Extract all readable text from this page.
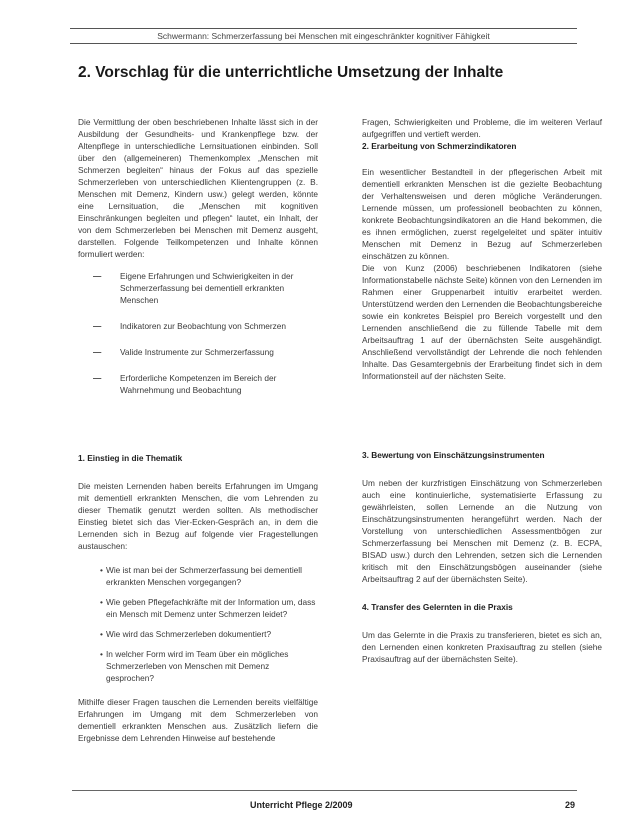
Schwermann: Schmerzerfassung bei Menschen mit eingeschränkter kognitiver Fähigkeit
2. Vorschlag für die unterrichtliche Umsetzung der Inhalte

Die Vermittlung der oben beschriebenen Inhalte lässt sich in der Ausbildung der Gesundheits- und Krankenpflege bzw. der Altenpflege in unterschiedliche Lernsituationen einbinden. Soll über den (allgemeineren) Themenkomplex „Menschen mit Schmerzen begleiten“ hinaus der Fokus auf das spezielle Schmerzerleben von unterschiedlichen Klientengruppen (z. B. Menschen mit Demenz, Kindern usw.) gelegt werden, könnte eine Lernsituation, die „Menschen mit kognitiven Einschränkungen begleiten und pflegen“ lautet, ein Inhalt, der von dem Schmerzerleben bei Menschen mit Demenz ausgeht, darstellen. Folgende Teilkompetenzen und Inhalte können formuliert werden:

— Eigene Erfahrungen und Schwierigkeiten in der Schmerzerfassung bei dementiell erkrankten Menschen
— Indikatoren zur Beobachtung von Schmerzen
— Valide Instrumente zur Schmerzerfassung
— Erforderliche Kompetenzen im Bereich der Wahrnehmung und Beobachtung

Fragen, Schwierigkeiten und Probleme, die im weiteren Verlauf aufgegriffen und vertieft werden.

2. Erarbeitung von Schmerzindikatoren

Ein wesentlicher Bestandteil in der pflegerischen Arbeit mit dementiell erkrankten Menschen ist die gezielte Beobachtung der Verhaltensweisen und deren mögliche Veränderungen. Lernende müssen, um professionell beobachten zu können, konkrete Beobachtungsindikatoren an die Hand bekommen, die es ihnen ermöglichen, zuerst regelgeleitet und später intuitiv Menschen mit Demenz in Bezug auf Schmerzerleben einschätzen zu können.

Die von Kunz (2006) beschriebenen Indikatoren (siehe Informationstabelle nächste Seite) können von den Lernenden im Rahmen einer Gruppenarbeit intuitiv erarbeitet werden. Unterstützend werden den Lernenden die Beobachtungsbereiche sowie ein konkretes Beispiel pro Bereich vorgestellt und den Lernenden anschließend die zu füllende Tabelle mit dem Arbeitsauftrag 1 auf der übernächsten Seite ausgehändigt. Anschließend vervollständigt der Lehrende die noch fehlenden Inhalte. Das Gesamtergebnis der Erarbeitung findet sich in dem Informationsteil auf der nächsten Seite.

1. Einstieg in die Thematik

Die meisten Lernenden haben bereits Erfahrungen im Umgang mit dementiell erkrankten Menschen, die vom Lehrenden zu dieser Thematik genutzt werden sollten. Als methodischer Einstieg bietet sich das Vier-Ecken-Gespräch an, in dem die Lernenden sich in Bezug auf folgende vier Fragestellungen austauschen:

• Wie ist man bei der Schmerzerfassung bei dementiell erkrankten Menschen vorgegangen?
• Wie geben Pflegefachkräfte mit der Information um, dass ein Mensch mit Demenz unter Schmerzen leidet?
• Wie wird das Schmerzerleben dokumentiert?
• In welcher Form wird im Team über ein mögliches Schmerzerleben von Menschen mit Demenz gesprochen?

Mithilfe dieser Fragen tauschen die Lernenden bereits vielfältige Erfahrungen im Umgang mit dem Schmerzerleben von dementiell erkrankten Menschen aus. Zusätzlich liefern die Ergebnisse dem Lehrenden Hinweise auf bestehende

3. Bewertung von Einschätzungsinstrumenten

Um neben der kurzfristigen Einschätzung von Schmerzerleben auch eine kontinuierliche, systematisierte Erfassung zu gewährleisten, sollen Lernende an die Nutzung von Einschätzungsinstrumenten herangeführt werden. Nach der Vorstellung von unterschiedlichen Assessmentbögen zur Schmerzerfassung bei Menschen mit Demenz (z. B. ECPA, BISAD usw.) durch den Lehrenden, setzen sich die Lernenden kritisch mit den Einschätzungsbögen auseinander (siehe Arbeitsauftrag 2 auf der übernächsten Seite).

4. Transfer des Gelernten in die Praxis

Um das Gelernte in die Praxis zu transferieren, bietet es sich an, den Lernenden einen konkreten Praxisauftrag zu stellen (siehe Praxisauftrag auf der übernächsten Seite).

Unterricht Pflege 2/2009	29
